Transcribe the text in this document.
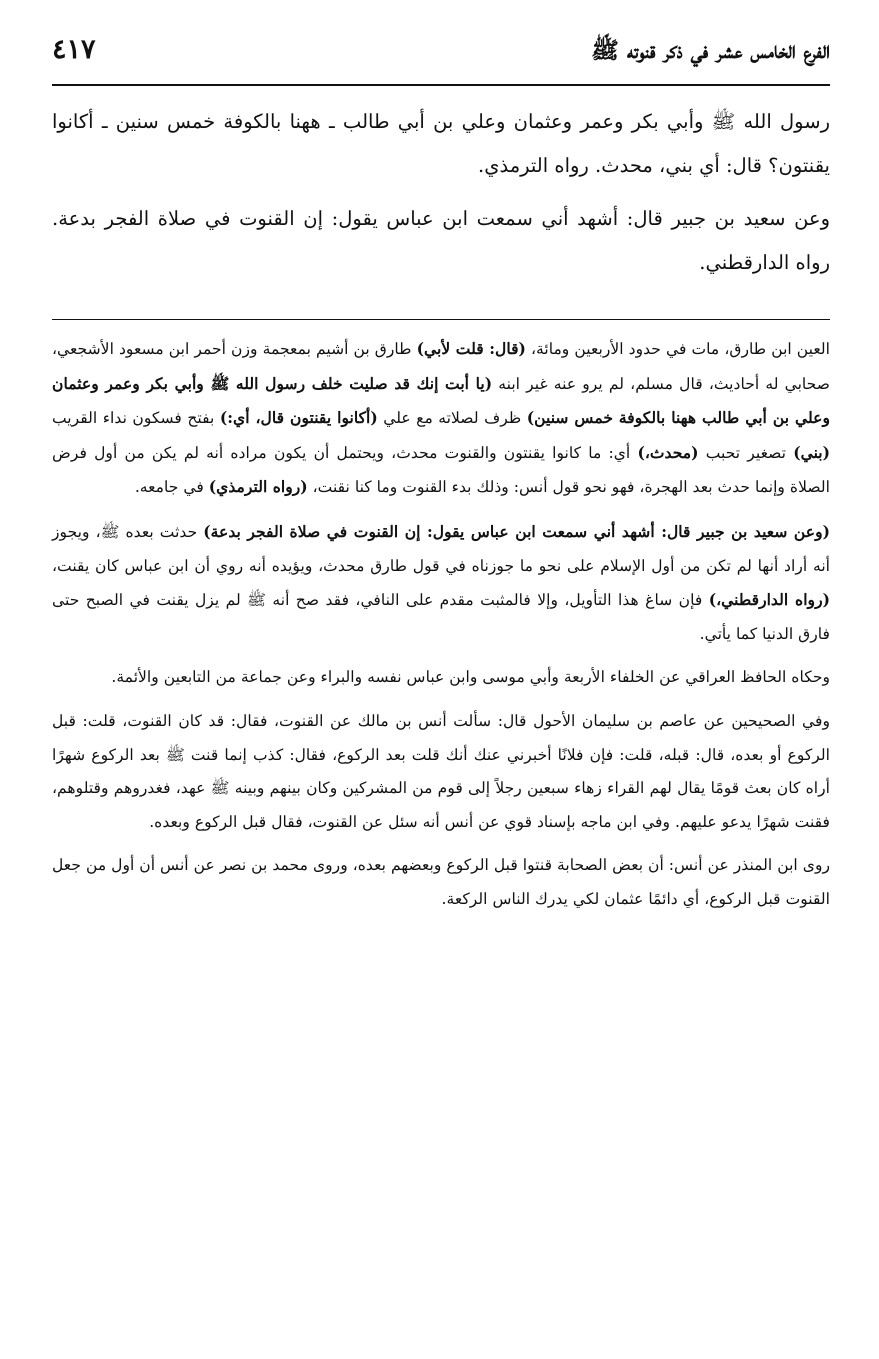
الفرع الخامس عشر في ذكر قنوته ﷺ
٤١٧

رسول الله ﷺ وأبي بكر وعمر وعثمان وعلي بن أبي طالب ـ ههنا بالكوفة خمس سنين ـ أكانوا يقنتون؟ قال: أي بني، محدث. رواه الترمذي.

وعن سعيد بن جبير قال: أشهد أني سمعت ابن عباس يقول: إن القنوت في صلاة الفجر بدعة. رواه الدارقطني.

العين ابن طارق، مات في حدود الأربعين ومائة، (قال: قلت لأبي) طارق بن أشيم بمعجمة وزن أحمر ابن مسعود الأشجعي، صحابي له أحاديث، قال مسلم، لم يرو عنه غير ابنه (يا أبت إنك قد صليت خلف رسول الله ﷺ وأبي بكر وعمر وعثمان وعلي بن أبي طالب ههنا بالكوفة خمس سنين) ظرف لصلاته مع علي (أكانوا يقنتون قال، أي:) بفتح فسكون نداء القريب (بني) تصغير تحبب (محدث،) أي: ما كانوا يقنتون والقنوت محدث، ويحتمل أن يكون مراده أنه لم يكن من أول فرض الصلاة وإنما حدث بعد الهجرة، فهو نحو قول أنس: وذلك بدء القنوت وما كنا نقنت، (رواه الترمذي) في جامعه.

(وعن سعيد بن جبير قال: أشهد أني سمعت ابن عباس يقول: إن القنوت في صلاة الفجر بدعة) حدثت بعده ﷺ، ويجوز أنه أراد أنها لم تكن من أول الإسلام على نحو ما جوزناه في قول طارق محدث، ويؤيده أنه روي أن ابن عباس كان يقنت، (رواه الدارقطني،) فإن ساغ هذا التأويل، وإلا فالمثبت مقدم على النافي، فقد صح أنه ﷺ لم يزل يقنت في الصبح حتى فارق الدنيا كما يأتي.

وحكاه الحافظ العراقي عن الخلفاء الأربعة وأبي موسى وابن عباس نفسه والبراء وعن جماعة من التابعين والأئمة.

وفي الصحيحين عن عاصم بن سليمان الأحول قال: سألت أنس بن مالك عن القنوت، فقال: قد كان القنوت، قلت: قبل الركوع أو بعده، قال: قبله، قلت: فإن فلانًا أخبرني عنك أنك قلت بعد الركوع، فقال: كذب إنما قنت ﷺ بعد الركوع شهرًا أراه كان بعث قومًا يقال لهم القراء زهاء سبعين رجلاً إلى قوم من المشركين وكان بينهم وبينه ﷺ عهد، فغدروهم وقتلوهم، فقنت شهرًا يدعو عليهم. وفي ابن ماجه بإسناد قوي عن أنس أنه سئل عن القنوت، فقال قبل الركوع وبعده.

روى ابن المنذر عن أنس: أن بعض الصحابة قنتوا قبل الركوع وبعضهم بعده، وروى محمد بن نصر عن أنس أن أول من جعل القنوت قبل الركوع، أي دائمًا عثمان لكي يدرك الناس الركعة.
